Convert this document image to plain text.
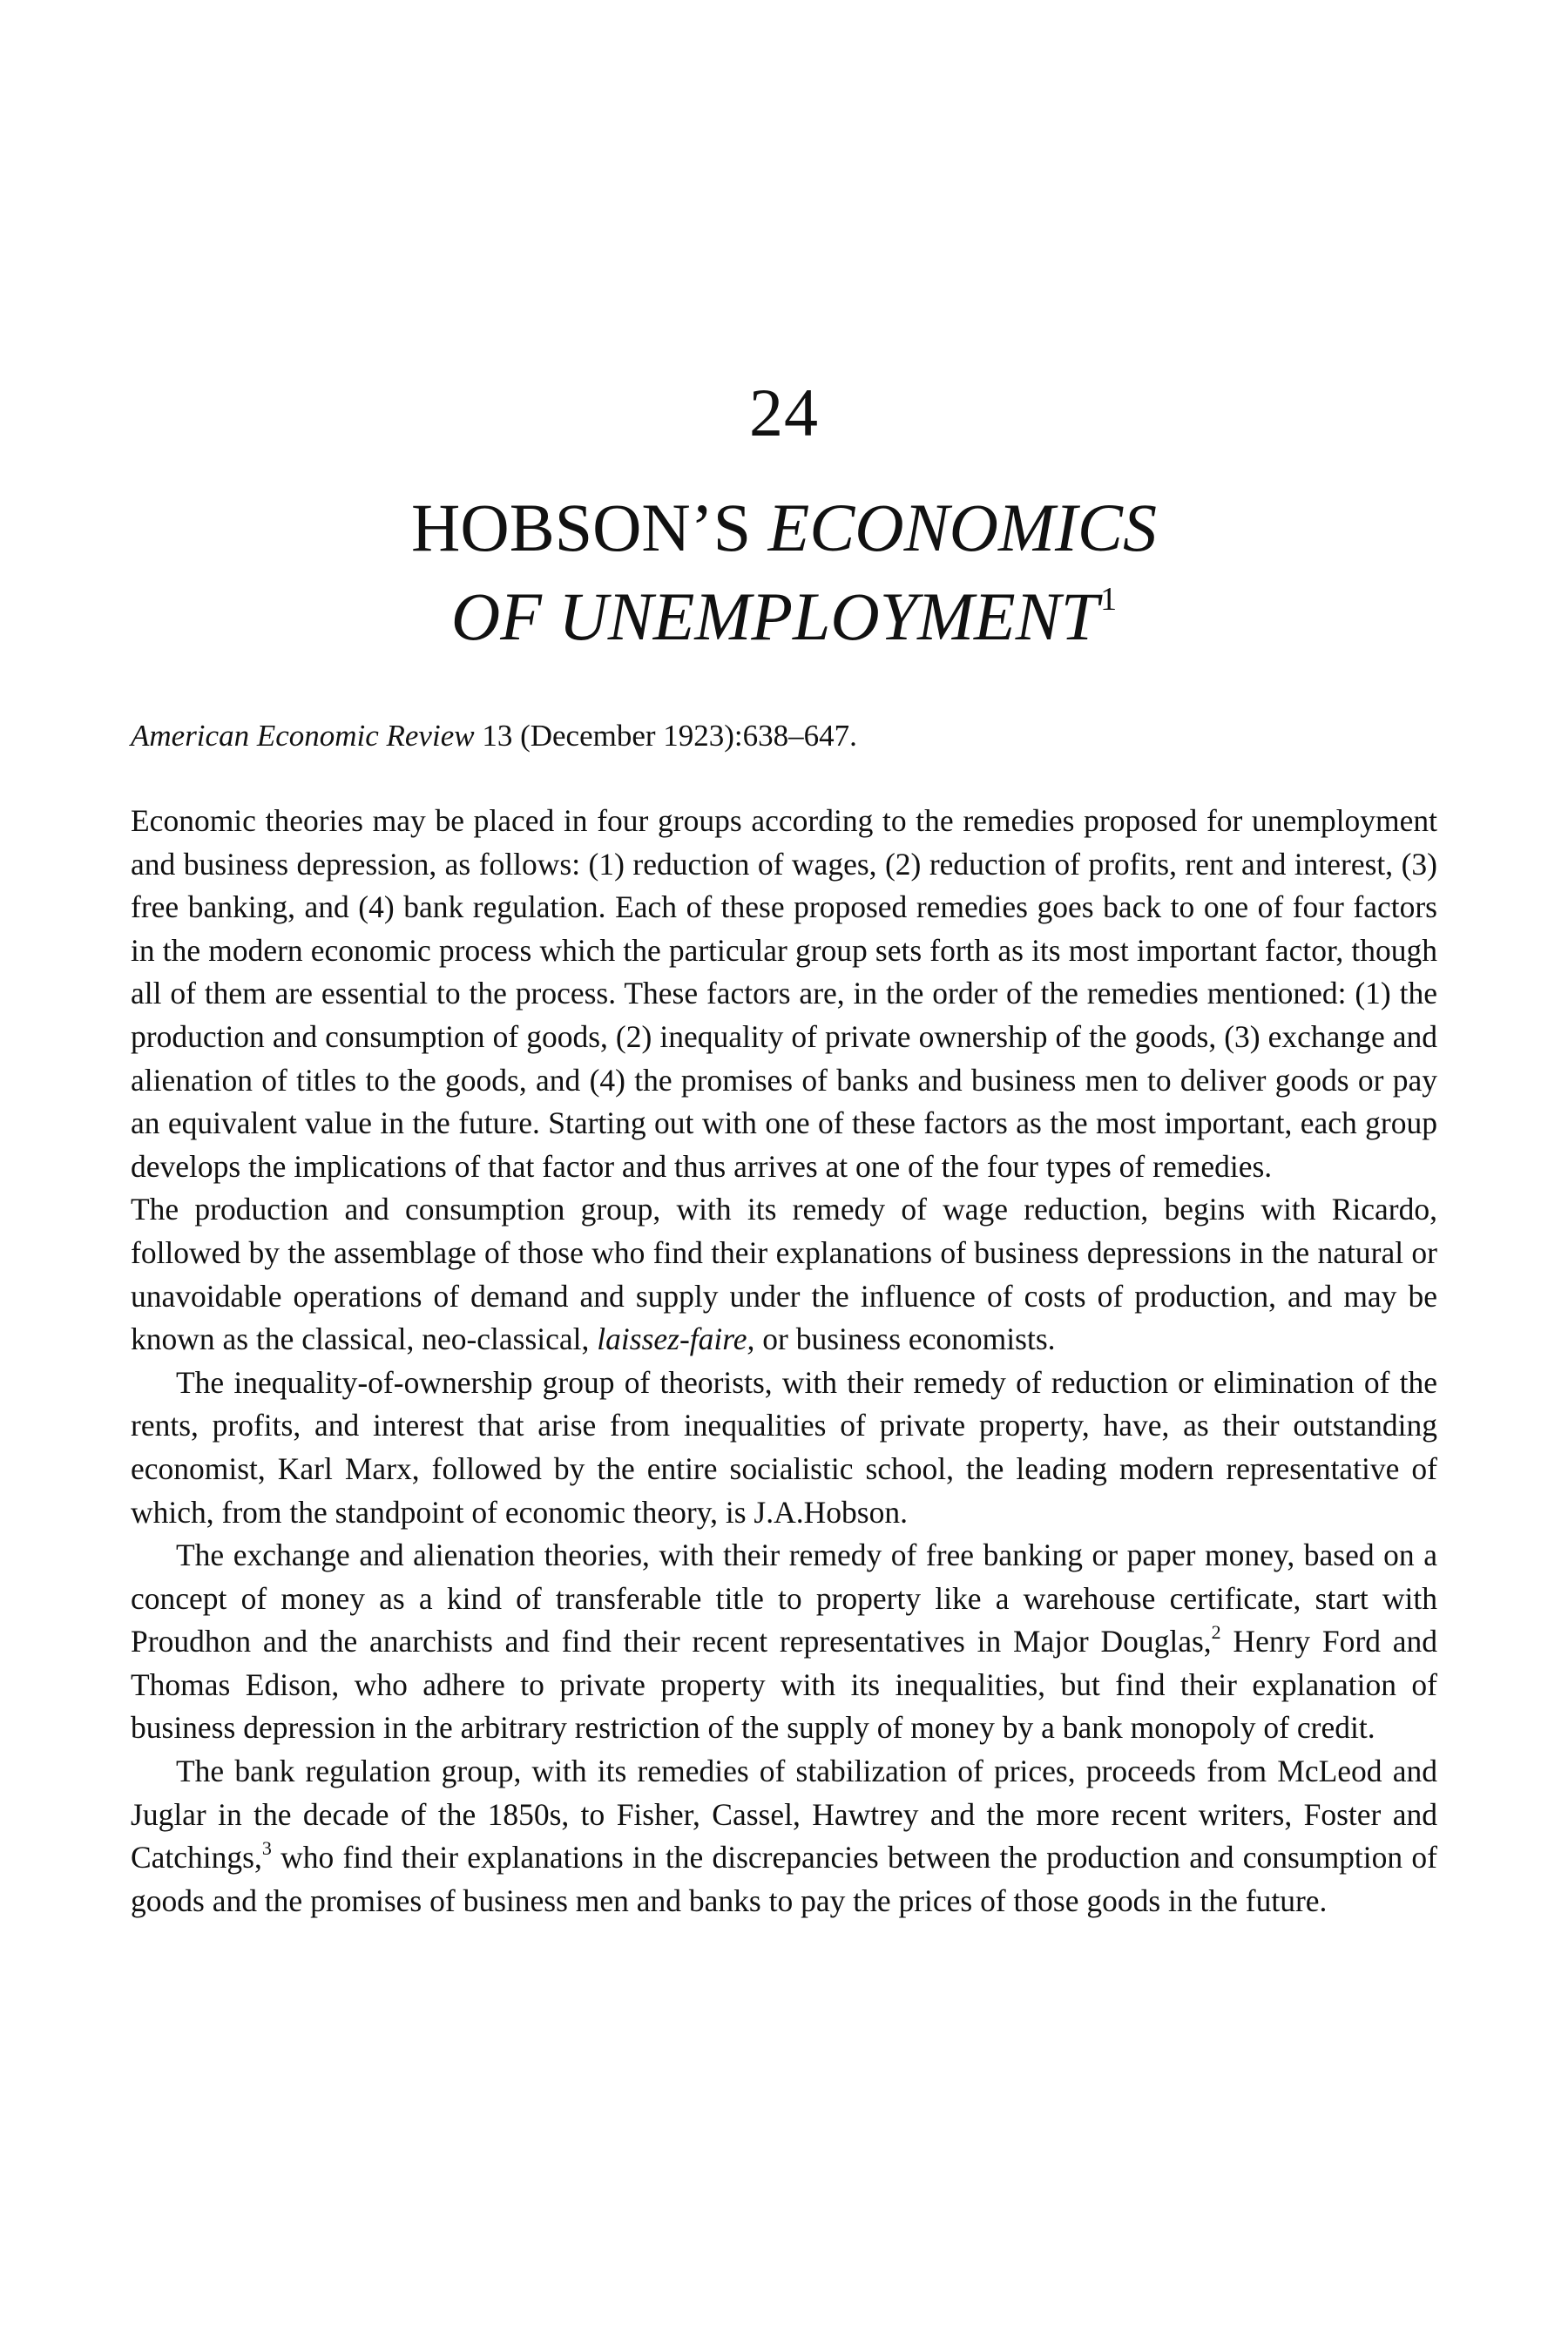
24
HOBSON’S ECONOMICS
OF UNEMPLOYMENT$^1$
American Economic Review 13 (December 1923):638–647.

Economic theories may be placed in four groups according to the remedies proposed for unemployment and business depression, as follows: (1) reduction of wages, (2) reduction of profits, rent and interest, (3) free banking, and (4) bank regulation. Each of these proposed remedies goes back to one of four factors in the modern economic process which the particular group sets forth as its most important factor, though all of them are essential to the process. These factors are, in the order of the remedies mentioned: (1) the production and consumption of goods, (2) inequality of private ownership of the goods, (3) exchange and alienation of titles to the goods, and (4) the promises of banks and business men to deliver goods or pay an equivalent value in the future. Starting out with one of these factors as the most important, each group develops the implications of that factor and thus arrives at one of the four types of remedies.

The production and consumption group, with its remedy of wage reduction, begins with Ricardo, followed by the assemblage of those who find their explanations of business depressions in the natural or unavoidable operations of demand and supply under the influence of costs of production, and may be known as the classical, neo-classical, laissez-faire, or business economists.

The inequality-of-ownership group of theorists, with their remedy of reduction or elimination of the rents, profits, and interest that arise from inequalities of private property, have, as their outstanding economist, Karl Marx, followed by the entire socialistic school, the leading modern representative of which, from the standpoint of economic theory, is J.A.Hobson.

The exchange and alienation theories, with their remedy of free banking or paper money, based on a concept of money as a kind of transferable title to property like a warehouse certificate, start with Proudhon and the anarchists and find their recent representatives in Major Douglas,$^2$ Henry Ford and Thomas Edison, who adhere to private property with its inequalities, but find their explanation of business depression in the arbitrary restriction of the supply of money by a bank monopoly of credit.

The bank regulation group, with its remedies of stabilization of prices, proceeds from McLeod and Juglar in the decade of the 1850s, to Fisher, Cassel, Hawtrey and the more recent writers, Foster and Catchings,$^3$ who find their explanations in the discrepancies between the production and consumption of goods and the promises of business men and banks to pay the prices of those goods in the future.
